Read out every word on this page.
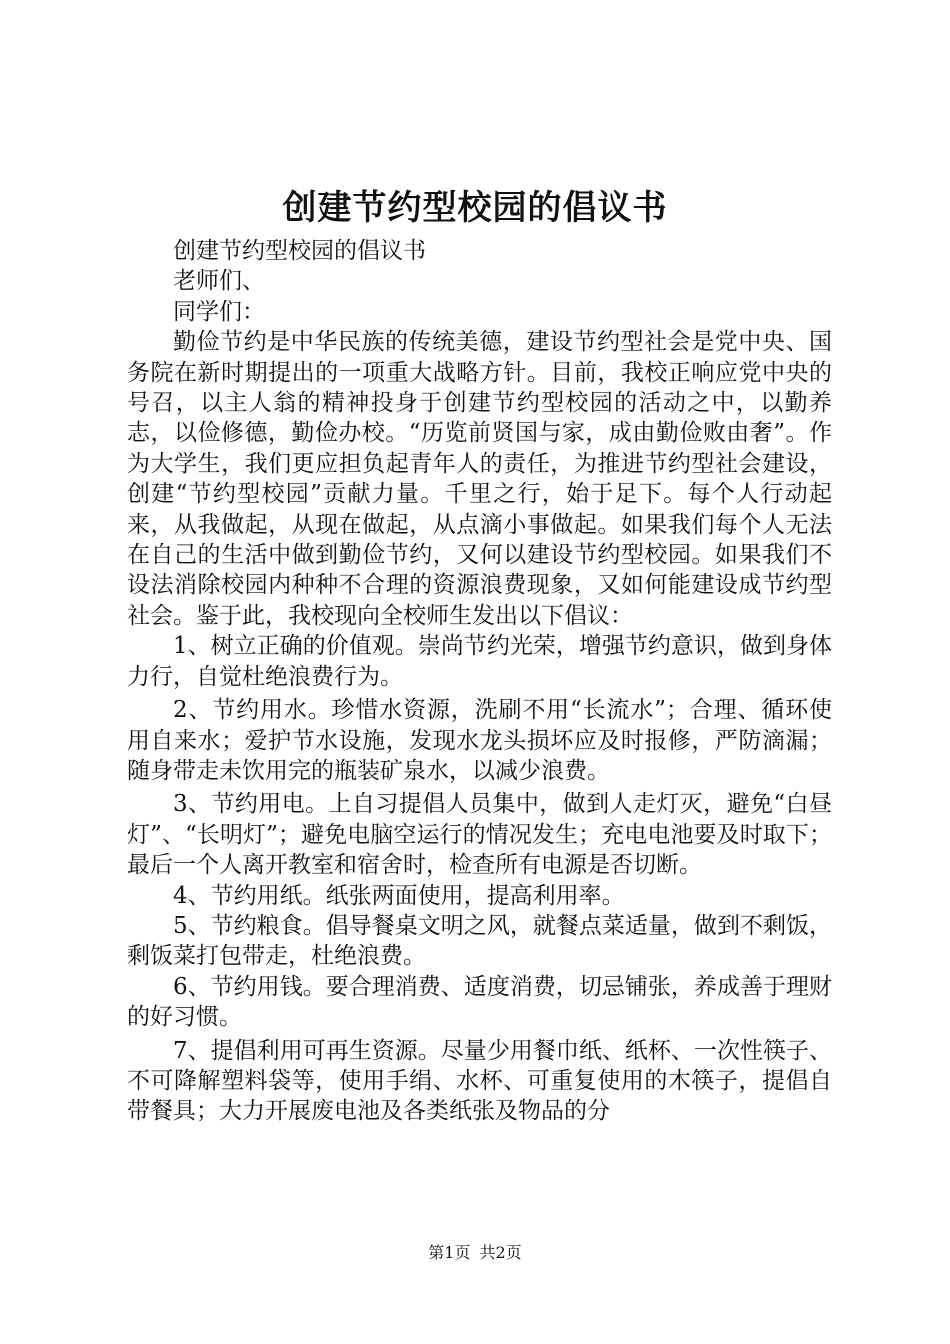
创建节约型校园的倡议书

创建节约型校园的倡议书

老师们、

同学们：

勤俭节约是中华民族的传统美德，建设节约型社会是党中央、国务院在新时期提出的一项重大战略方针。目前，我校正响应党中央的号召，以主人翁的精神投身于创建节约型校园的活动之中，以勤养志，以俭修德，勤俭办校。“历览前贤国与家，成由勤俭败由奢”。作为大学生，我们更应担负起青年人的责任，为推进节约型社会建设，创建“节约型校园”贡献力量。千里之行，始于足下。每个人行动起来，从我做起，从现在做起，从点滴小事做起。如果我们每个人无法在自己的生活中做到勤俭节约，又何以建设节约型校园。如果我们不设法消除校园内种种不合理的资源浪费现象，又如何能建设成节约型社会。鉴于此，我校现向全校师生发出以下倡议：

1、树立正确的价值观。崇尚节约光荣，增强节约意识，做到身体力行，自觉杜绝浪费行为。

2、节约用水。珍惜水资源，洗刷不用“长流水”；合理、循环使用自来水；爱护节水设施，发现水龙头损坏应及时报修，严防滴漏；随身带走未饮用完的瓶装矿泉水，以减少浪费。

3、节约用电。上自习提倡人员集中，做到人走灯灭，避免“白昼灯”、“长明灯”；避免电脑空运行的情况发生；充电电池要及时取下；最后一个人离开教室和宿舍时，检查所有电源是否切断。

4、节约用纸。纸张两面使用，提高利用率。

5、节约粮食。倡导餐桌文明之风，就餐点菜适量，做到不剩饭，剩饭菜打包带走，杜绝浪费。

6、节约用钱。要合理消费、适度消费，切忌铺张，养成善于理财的好习惯。

7、提倡利用可再生资源。尽量少用餐巾纸、纸杯、一次性筷子、不可降解塑料袋等，使用手绢、水杯、可重复使用的木筷子，提倡自带餐具；大力开展废电池及各类纸张及物品的分

第1页 共2页
